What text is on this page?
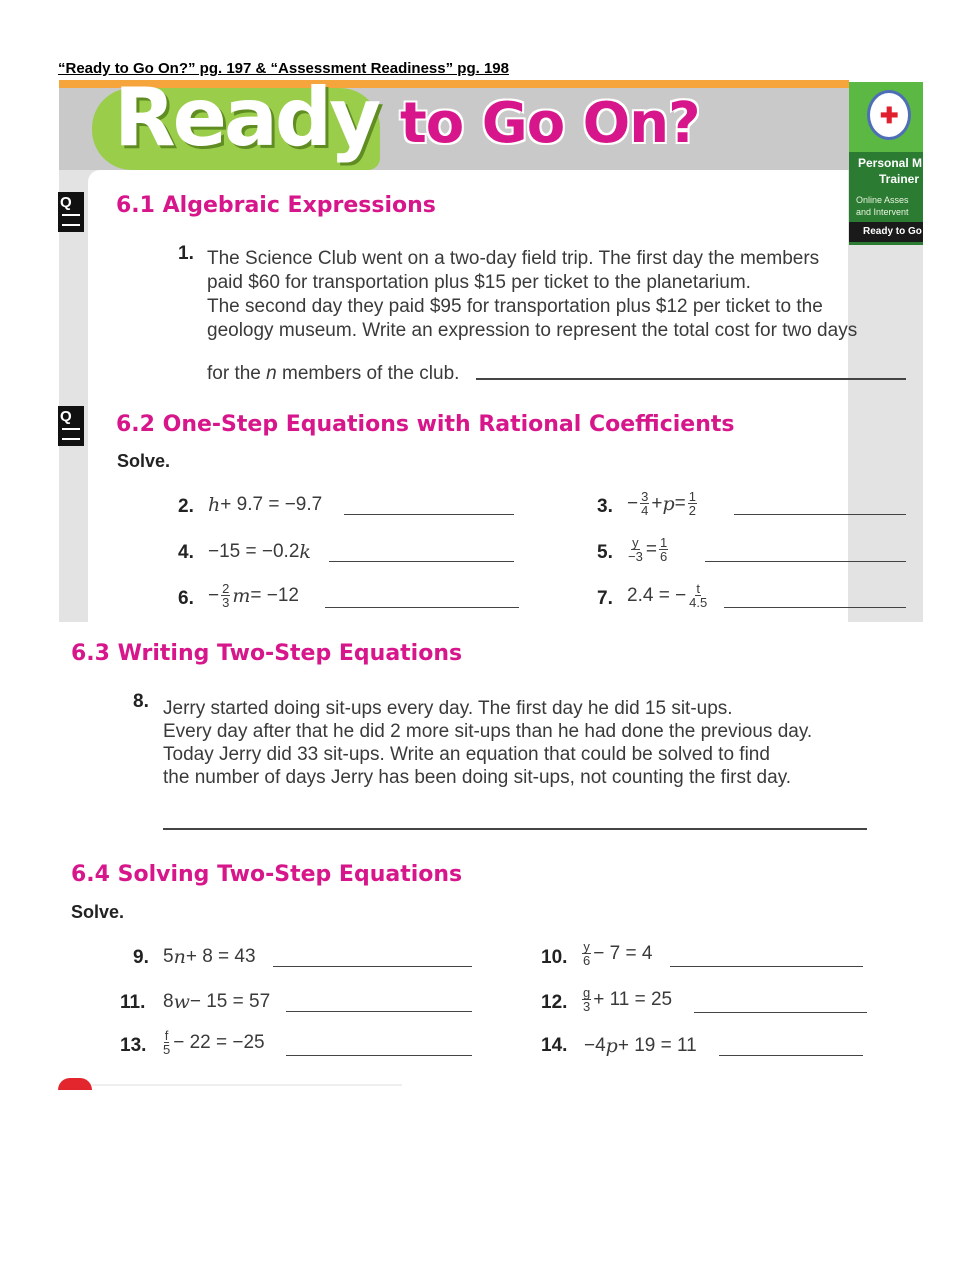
“Ready to Go On?” pg. 197 & “Assessment Readiness” pg. 198
Ready to Go On?	✚
Personal M
Trainer
Online Asses
and Intervent
Ready to Go
Q
Q
6.1 Algebraic Expressions
1. The Science Club went on a two-day field trip. The first day the members
paid $60 for transportation plus $15 per ticket to the planetarium.
The second day they paid $95 for transportation plus $12 per ticket to the
geology museum. Write an expression to represent the total cost for two days
for the n members of the club.
6.2 One-Step Equations with Rational Coefficients
Solve.
2. h + 9.7 = −9.7	3. − $\frac{3}{4} + p = \frac{1}{2}$
4. −15 = −0.2 k	5. $\frac{y}{-3} = \frac{1}{6}$
6. − $\frac{2}{3}$ m = −12	7. 2.4 = − $\frac{t}{4.5}$
6.3 Writing Two-Step Equations
8. Jerry started doing sit-ups every day. The first day he did 15 sit-ups.
Every day after that he did 2 more sit-ups than he had done the previous day.
Today Jerry did 33 sit-ups. Write an equation that could be solved to find
the number of days Jerry has been doing sit-ups, not counting the first day.
6.4 Solving Two-Step Equations
Solve.
9. 5 n + 8 = 43	10. $\frac{y}{6} - 7 = 4$
11. 8 w − 15 = 57	12. $\frac{g}{3} + 11 = 25$
13. $\frac{f}{5} - 22 = -25$	14. −4 p + 19 = 11
